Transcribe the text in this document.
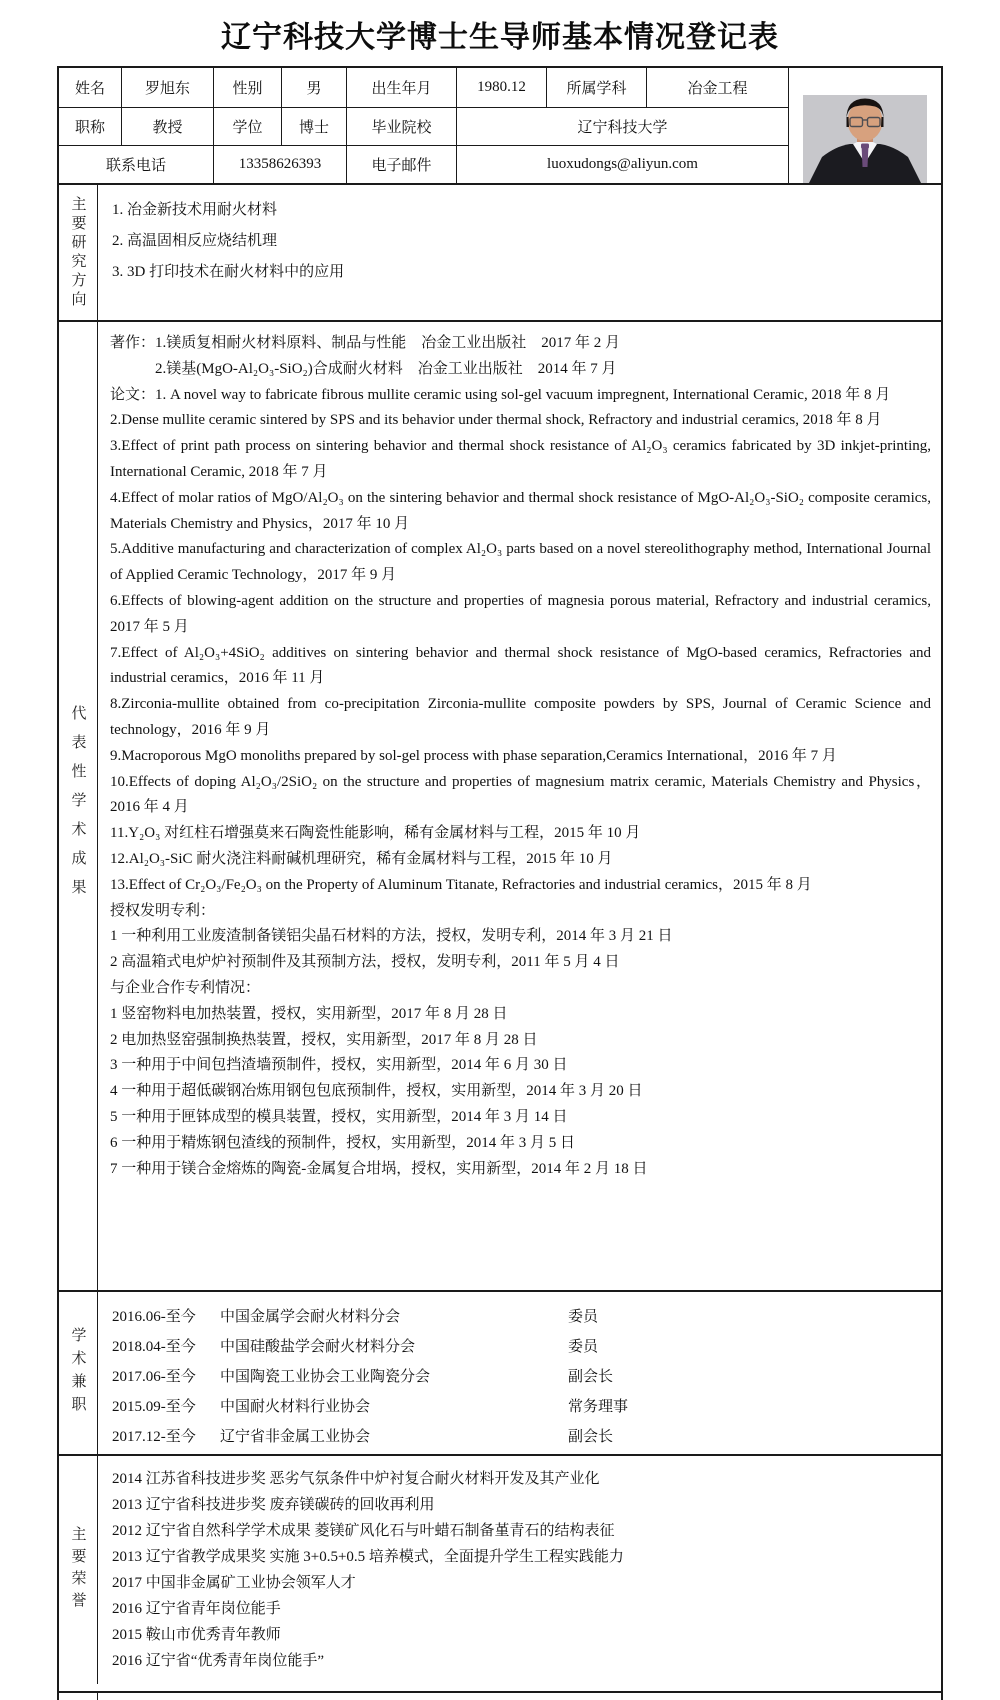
辽宁科技大学博士生导师基本情况登记表
姓名	罗旭东	性别	男	出生年月	1980.12	所属学科	冶金工程
职称	教授	学位	博士	毕业院校	辽宁科技大学
联系电话	13358626393	电子邮件	luoxudongs@aliyun.com
主要研究方向	1. 冶金新技术用耐火材料
2. 高温固相反应烧结机理
3. 3D 打印技术在耐火材料中的应用
代表性学术成果
著作：1.镁质复相耐火材料原料、制品与性能　冶金工业出版社　2017 年 2 月
　　　2.镁基(MgO-Al₂O₃-SiO₂)合成耐火材料　冶金工业出版社　2014 年 7 月
论文：1. A novel way to fabricate fibrous mullite ceramic using sol-gel vacuum impregnent, International Ceramic, 2018 年 8 月
2.Dense mullite ceramic sintered by SPS and its behavior under thermal shock, Refractory and industrial ceramics, 2018 年 8 月
3.Effect of print path process on sintering behavior and thermal shock resistance of Al₂O₃ ceramics fabricated by 3D inkjet-printing, International Ceramic, 2018 年 7 月
4.Effect of molar ratios of MgO/Al₂O₃ on the sintering behavior and thermal shock resistance of MgO-Al₂O₃-SiO₂ composite ceramics, Materials Chemistry and Physics，2017 年 10 月
5.Additive manufacturing and characterization of complex Al₂O₃ parts based on a novel stereolithography method, International Journal of Applied Ceramic Technology，2017 年 9 月
6.Effects of blowing-agent addition on the structure and properties of magnesia porous material, Refractory and industrial ceramics, 2017 年 5 月
7.Effect of Al₂O₃+4SiO₂ additives on sintering behavior and thermal shock resistance of MgO-based ceramics, Refractories and industrial ceramics，2016 年 11 月
8.Zirconia-mullite obtained from co-precipitation Zirconia-mullite composite powders by SPS, Journal of Ceramic Science and technology，2016 年 9 月
9.Macroporous MgO monoliths prepared by sol-gel process with phase separation,Ceramics International，2016 年 7 月
10.Effects of doping Al₂O₃/2SiO₂ on the structure and properties of magnesium matrix ceramic, Materials Chemistry and Physics，2016 年 4 月
11.Y₂O₃ 对红柱石增强莫来石陶瓷性能影响，稀有金属材料与工程，2015 年 10 月
12.Al₂O₃-SiC 耐火浇注料耐碱机理研究，稀有金属材料与工程，2015 年 10 月
13.Effect of Cr₂O₃/Fe₂O₃ on the Property of Aluminum Titanate, Refractories and industrial ceramics，2015 年 8 月
授权发明专利：
1 一种利用工业废渣制备镁铝尖晶石材料的方法，授权，发明专利，2014 年 3 月 21 日
2 高温箱式电炉炉衬预制件及其预制方法，授权，发明专利，2011 年 5 月 4 日
与企业合作专利情况：
1 竖窑物料电加热装置，授权，实用新型，2017 年 8 月 28 日
2 电加热竖窑强制换热装置，授权，实用新型，2017 年 8 月 28 日
3 一种用于中间包挡渣墙预制件，授权，实用新型，2014 年 6 月 30 日
4 一种用于超低碳钢冶炼用钢包包底预制件，授权，实用新型，2014 年 3 月 20 日
5 一种用于匣钵成型的模具装置，授权，实用新型，2014 年 3 月 14 日
6 一种用于精炼钢包渣线的预制件，授权，实用新型，2014 年 3 月 5 日
7 一种用于镁合金熔炼的陶瓷-金属复合坩埚，授权，实用新型，2014 年 2 月 18 日
学术兼职
2016.06-至今	中国金属学会耐火材料分会	委员
2018.04-至今	中国硅酸盐学会耐火材料分会	委员
2017.06-至今	中国陶瓷工业协会工业陶瓷分会	副会长
2015.09-至今	中国耐火材料行业协会	常务理事
2017.12-至今	辽宁省非金属工业协会	副会长
主要荣誉
2014 江苏省科技进步奖 恶劣气氛条件中炉衬复合耐火材料开发及其产业化
2013 辽宁省科技进步奖 废弃镁碳砖的回收再利用
2012 辽宁省自然科学学术成果 菱镁矿风化石与叶蜡石制备堇青石的结构表征
2013 辽宁省教学成果奖 实施 3+0.5+0.5 培养模式，全面提升学生工程实践能力
2017 中国非金属矿工业协会领军人才
2016 辽宁省青年岗位能手
2015 鞍山市优秀青年教师
2016 辽宁省“优秀青年岗位能手”
